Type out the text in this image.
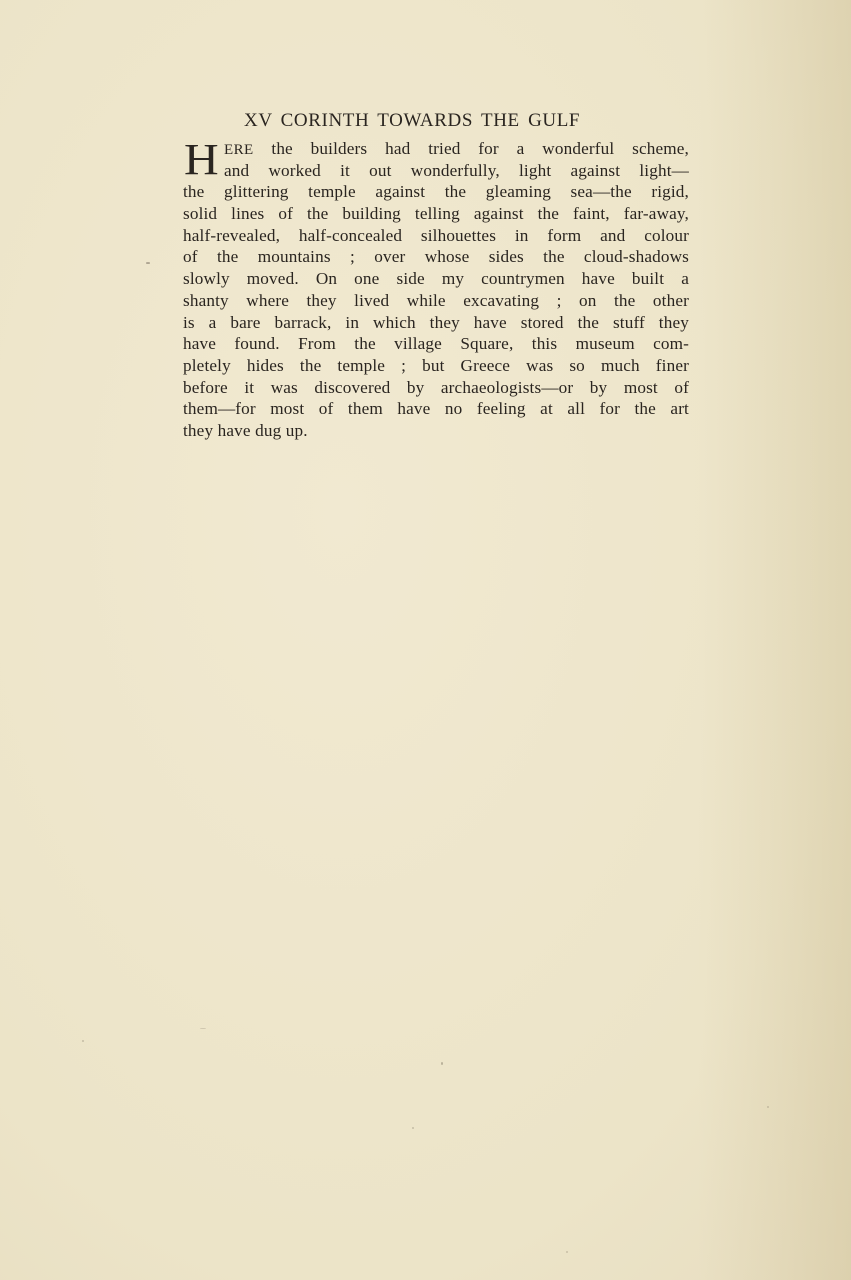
XV CORINTH TOWARDS THE GULF
H ERE the builders had tried for a wonderful scheme,
and worked it out wonderfully, light against light—
the glittering temple against the gleaming sea—the rigid,
solid lines of the building telling against the faint, far-away,
half-revealed, half-concealed silhouettes in form and colour
of the mountains ; over whose sides the cloud-shadows
slowly moved. On one side my countrymen have built a
shanty where they lived while excavating ; on the other
is a bare barrack, in which they have stored the stuff they
have found. From the village Square, this museum com-
pletely hides the temple ; but Greece was so much finer
before it was discovered by archaeologists—or by most of
them—for most of them have no feeling at all for the art
they have dug up.
